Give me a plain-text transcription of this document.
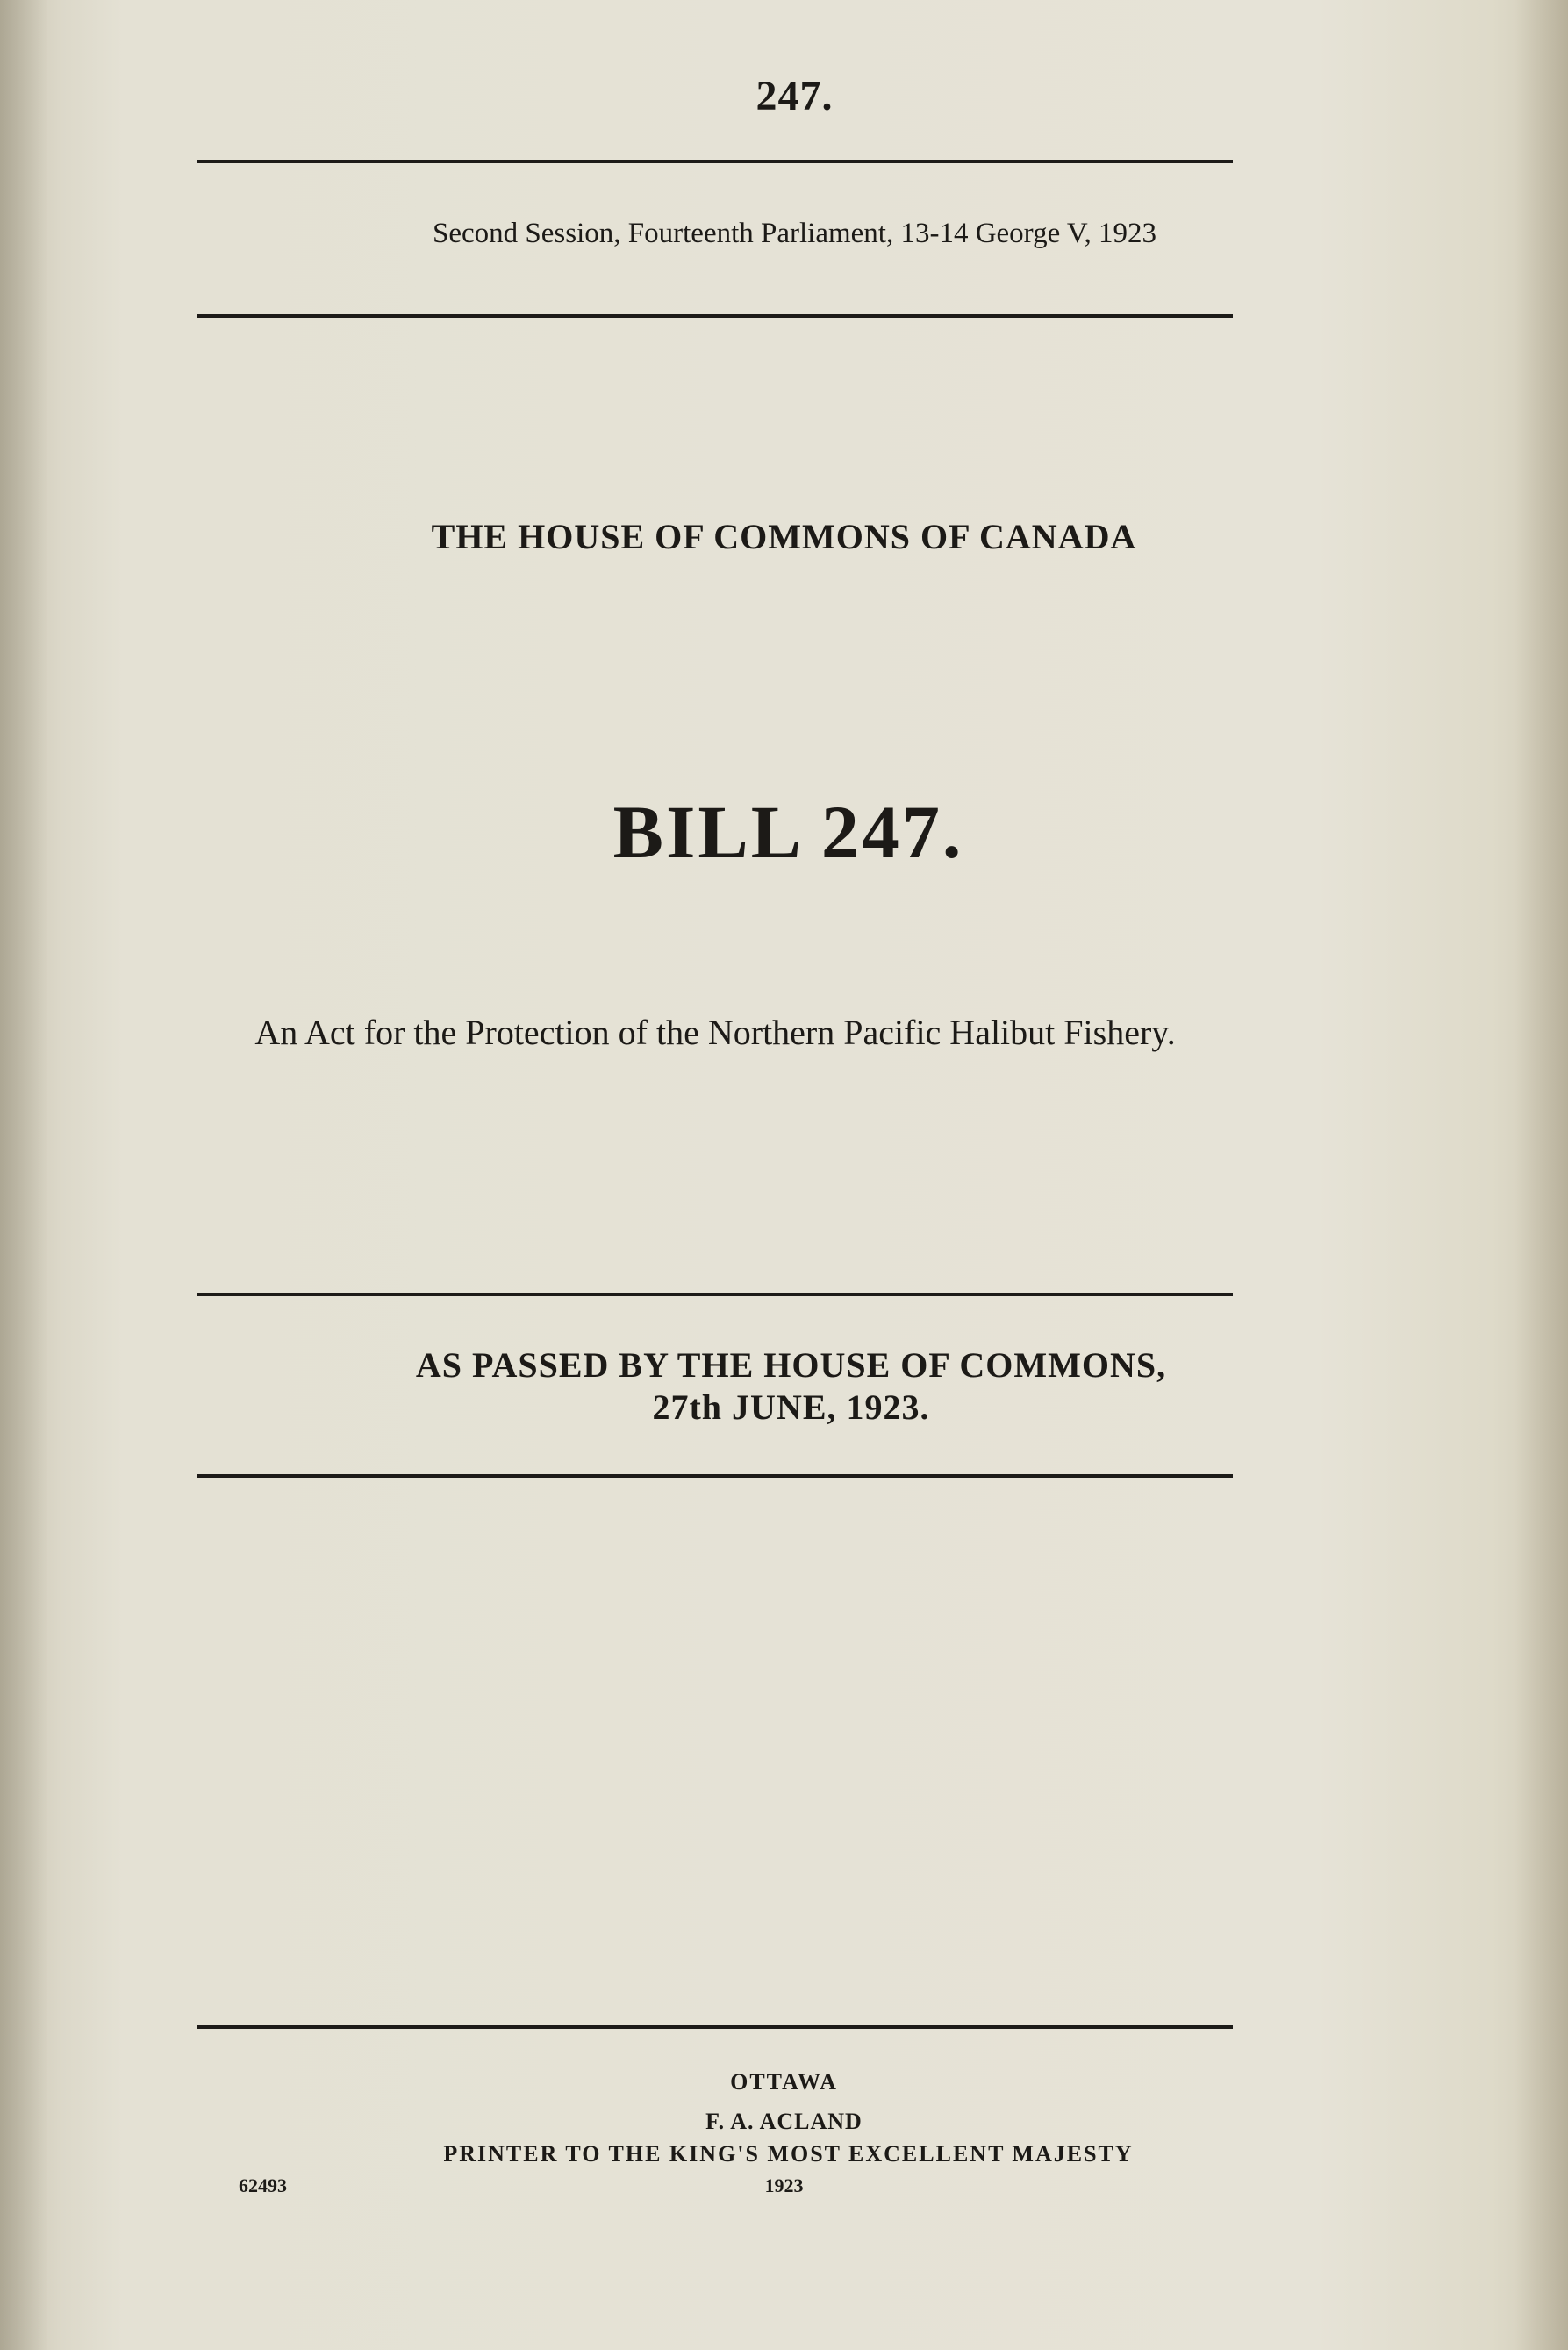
247.
Second Session, Fourteenth Parliament, 13-14 George V, 1923
THE HOUSE OF COMMONS OF CANADA
BILL 247.
An Act for the Protection of the Northern Pacific Halibut Fishery.
AS PASSED BY THE HOUSE OF COMMONS,
27th JUNE, 1923.
OTTAWA
F. A. ACLAND
PRINTER TO THE KING'S MOST EXCELLENT MAJESTY
62493	1923
